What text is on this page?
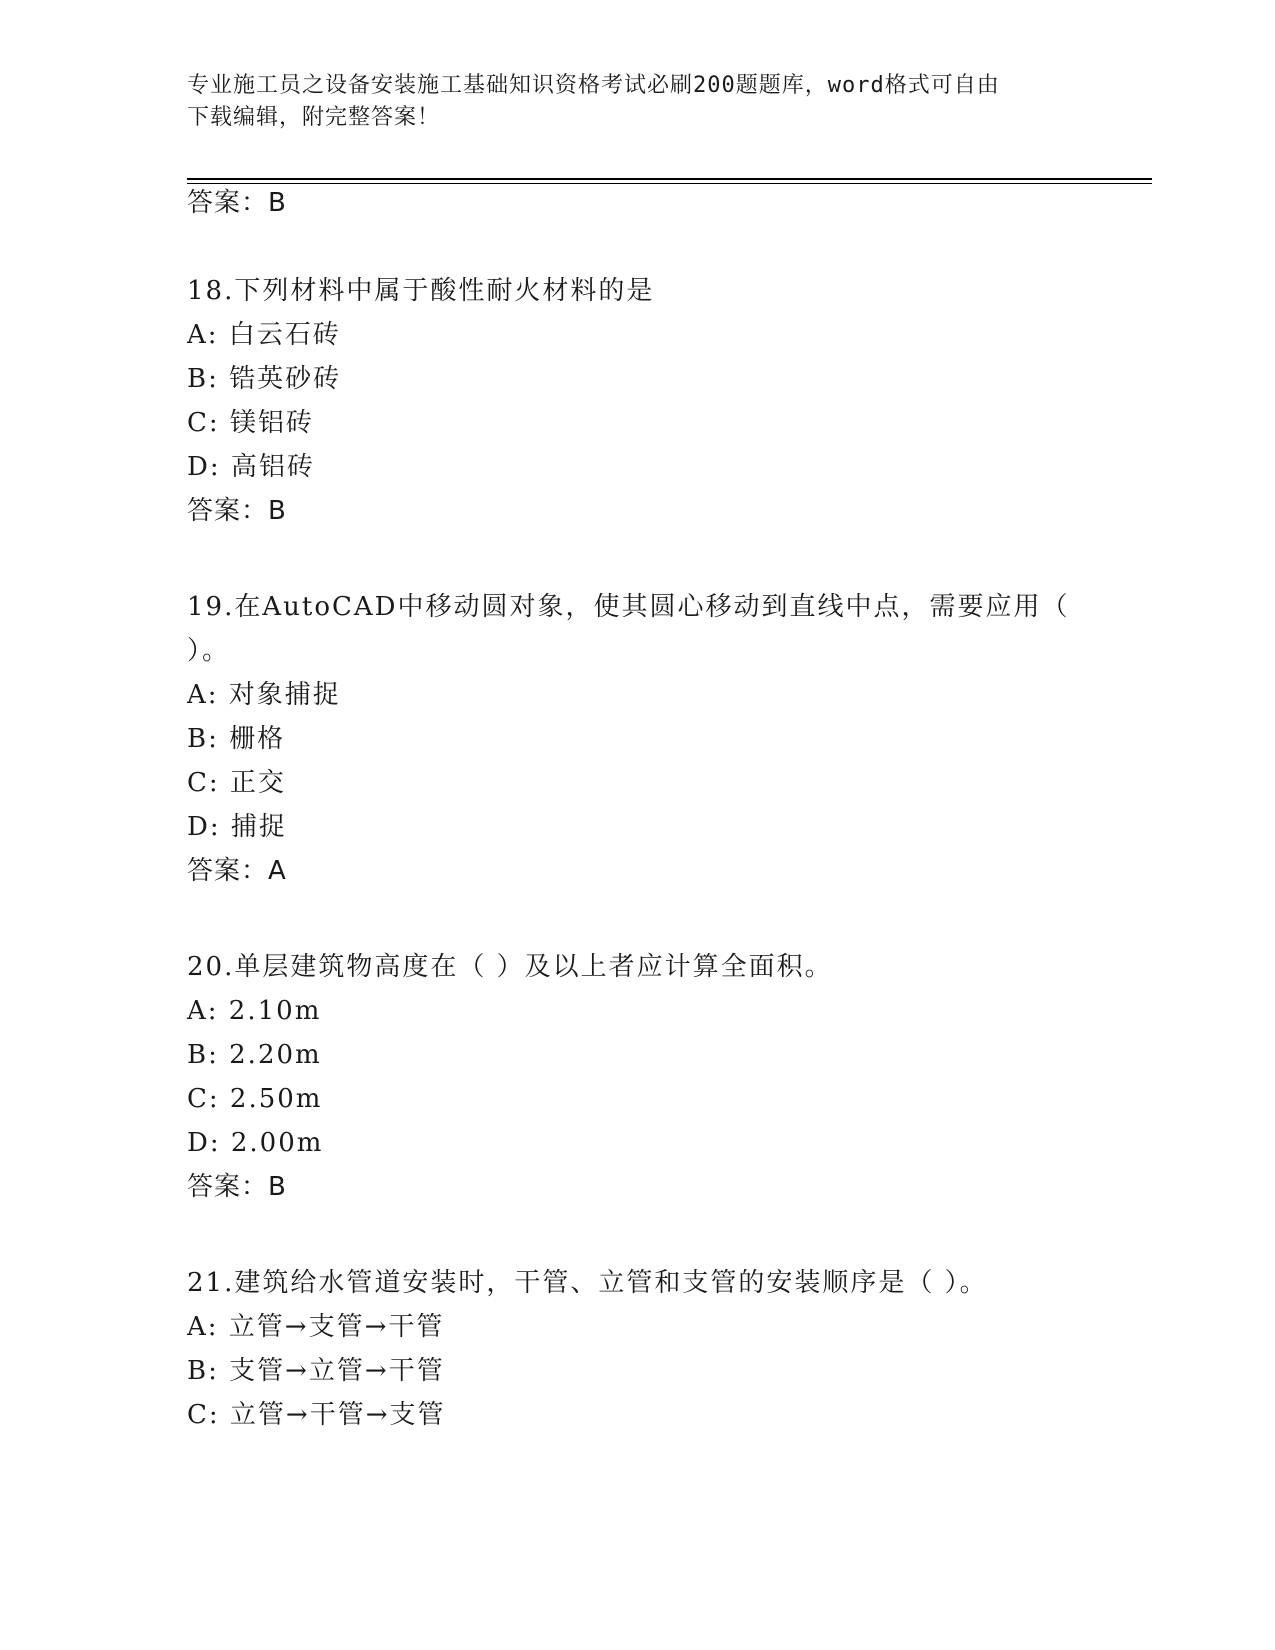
专业施工员之设备安装施工基础知识资格考试必刷200题题库，word格式可自由
下载编辑，附完整答案！
答案：B
18.下列材料中属于酸性耐火材料的是
A: 白云石砖
B: 锆英砂砖
C: 镁铝砖
D: 高铝砖
答案：B
19.在AutoCAD中移动圆对象，使其圆心移动到直线中点，需要应用（
）。
A: 对象捕捉
B: 栅格
C: 正交
D: 捕捉
答案：A
20.单层建筑物高度在（ ）及以上者应计算全面积。
A: 2.10m
B: 2.20m
C: 2.50m
D: 2.00m
答案：B
21.建筑给水管道安装时，干管、立管和支管的安装顺序是（ ）。
A: 立管→支管→干管
B: 支管→立管→干管
C: 立管→干管→支管
